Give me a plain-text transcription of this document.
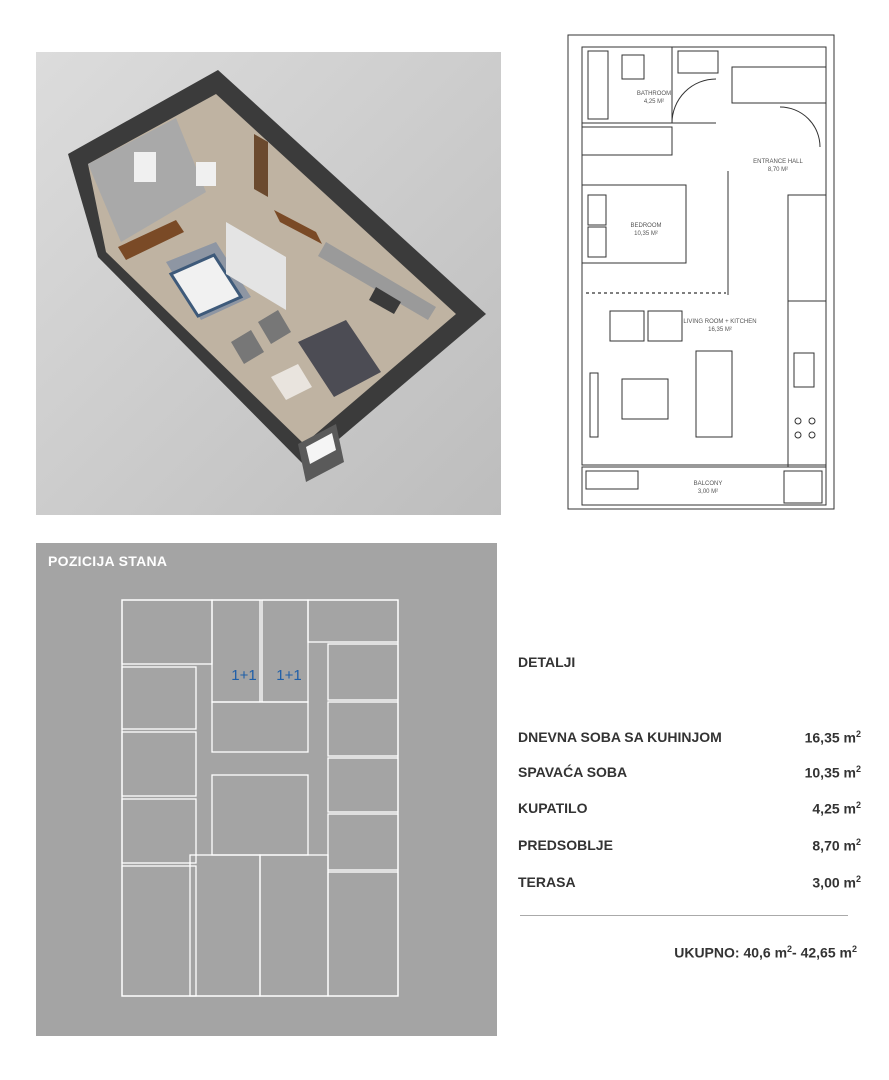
BATHROOM
4,25 M²
ENTRANCE HALL
8,70 M²
BEDROOM
10,35 M²
LIVING ROOM + KITCHEN
16,35 M²
BALCONY
3,00 M²
1+1 1+1
POZICIJA STANA
DETALJI
DNEVNA SOBA SA KUHINJOM	16,35 $m^2$
SPAVAĆA SOBA	10,35 $m^2$
KUPATILO	4,25 $m^2$
PREDSOBLJE	8,70 $m^2$
TERASA	3,00 $m^2$
UKUPNO: 40,6 $m^2-$ 42,65 $m^2$
